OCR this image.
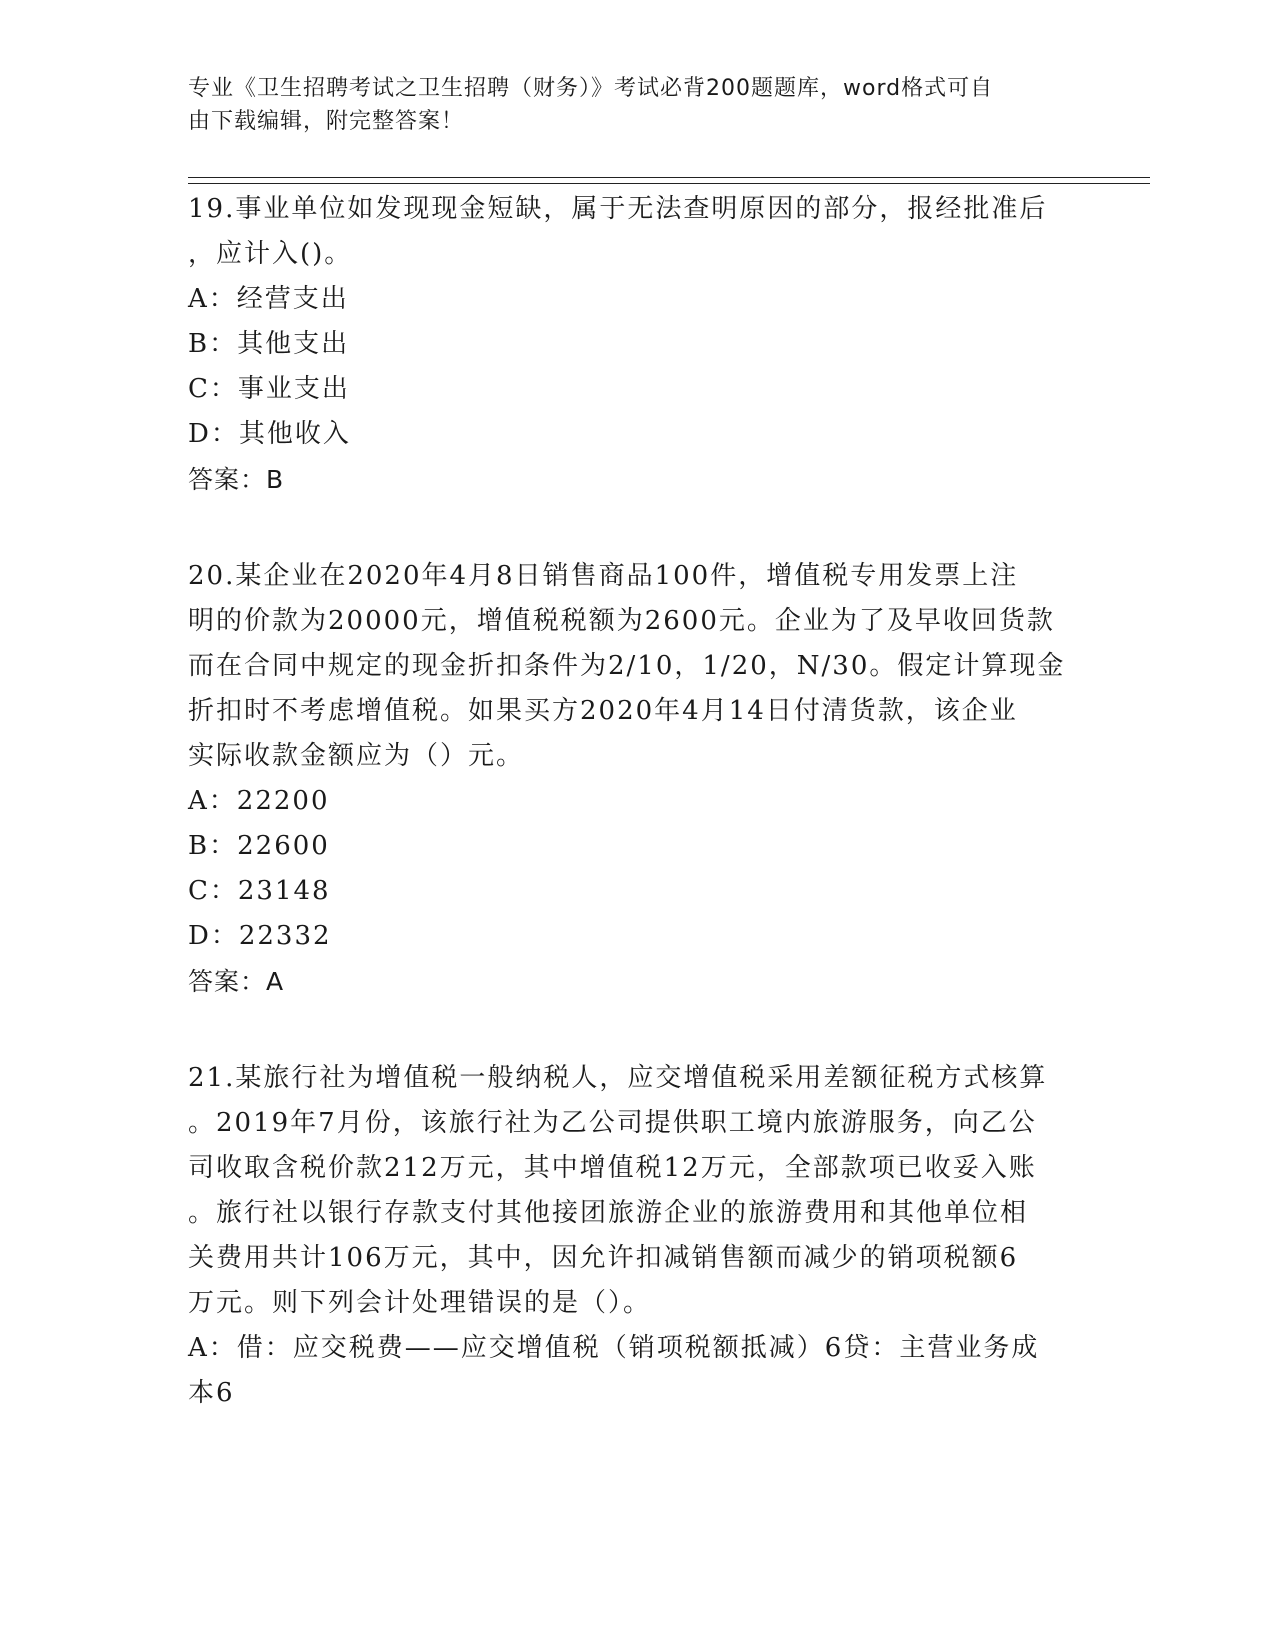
专业《卫生招聘考试之卫生招聘（财务）》考试必背200题题库，word格式可自
由下载编辑，附完整答案！

19.事业单位如发现现金短缺，属于无法查明原因的部分，报经批准后
，应计入()。

A：经营支出

B：其他支出

C：事业支出

D：其他收入

答案：B

20.某企业在2020年4月8日销售商品100件，增值税专用发票上注
明的价款为20000元，增值税税额为2600元。企业为了及早收回货款
而在合同中规定的现金折扣条件为2/10，1/20，N/30。假定计算现金
折扣时不考虑增值税。如果买方2020年4月14日付清货款，该企业
实际收款金额应为（）元。

A：22200

B：22600

C：23148

D：22332

答案：A

21.某旅行社为增值税一般纳税人，应交增值税采用差额征税方式核算
。2019年7月份，该旅行社为乙公司提供职工境内旅游服务，向乙公
司收取含税价款212万元，其中增值税12万元，全部款项已收妥入账
。旅行社以银行存款支付其他接团旅游企业的旅游费用和其他单位相
关费用共计106万元，其中，因允许扣减销售额而减少的销项税额6
万元。则下列会计处理错误的是（）。

A：借：应交税费——应交增值税（销项税额抵减）6贷：主营业务成

本6
